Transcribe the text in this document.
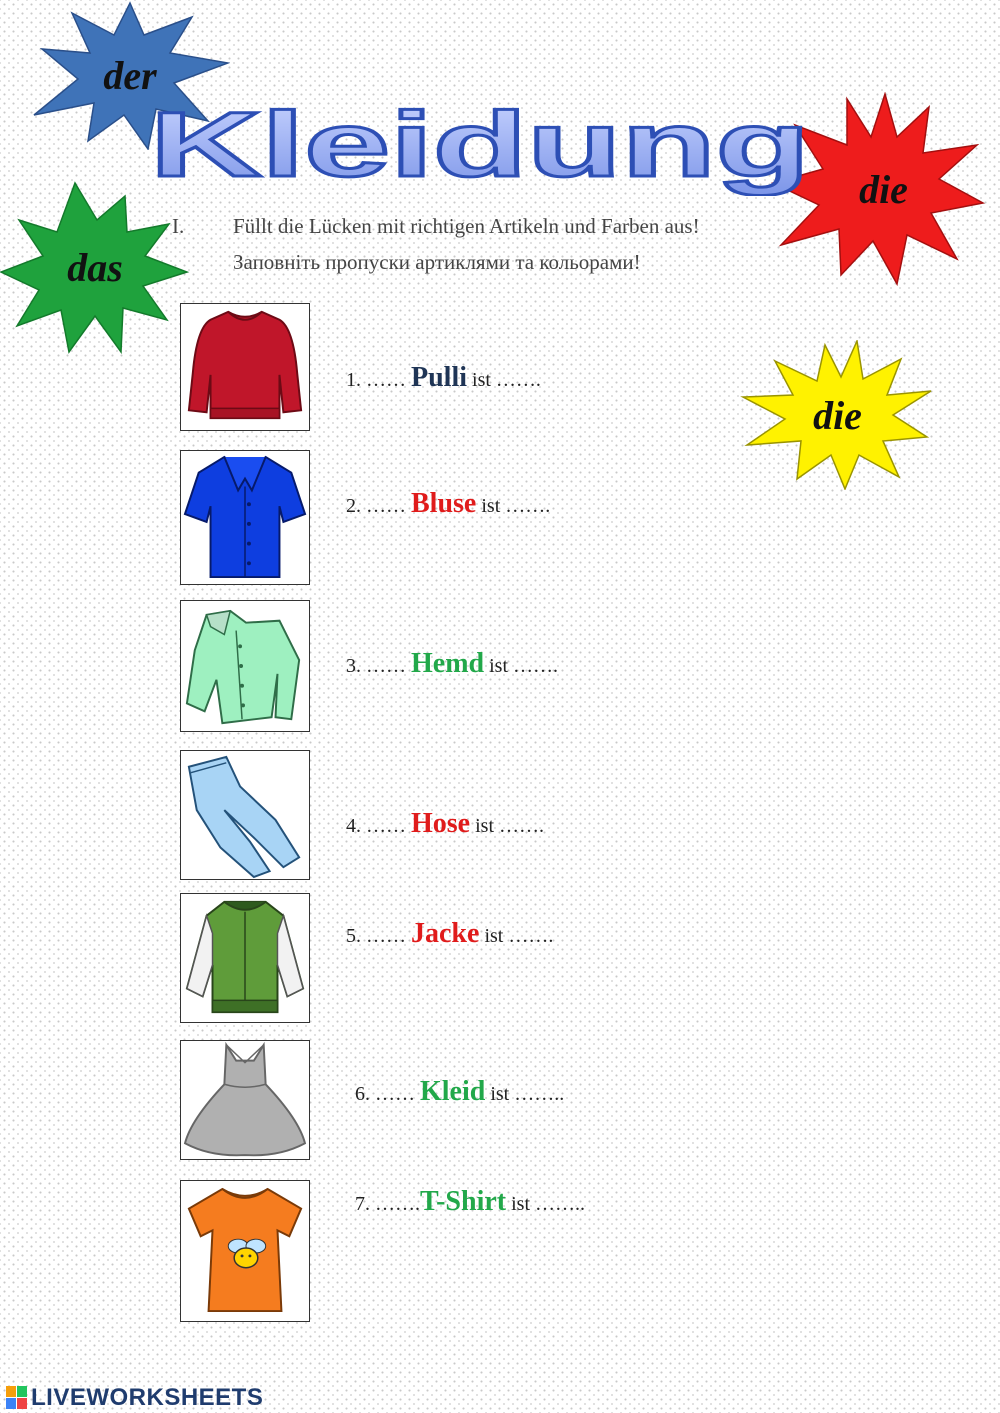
der
das
die
die
Kleidung
I. Füllt die Lücken mit richtigen Artikeln und Farben aus!
Заповніть пропуски артиклями та кольорами!
1. …… Pulli ist …….
2. …… Bluse ist …….
3. …… Hemd ist …….
4. …… Hose ist …….
5. …… Jacke ist …….
6. …… Kleid ist ……..
7. …….T-Shirt ist ……..
LIVEWORKSHEETS
